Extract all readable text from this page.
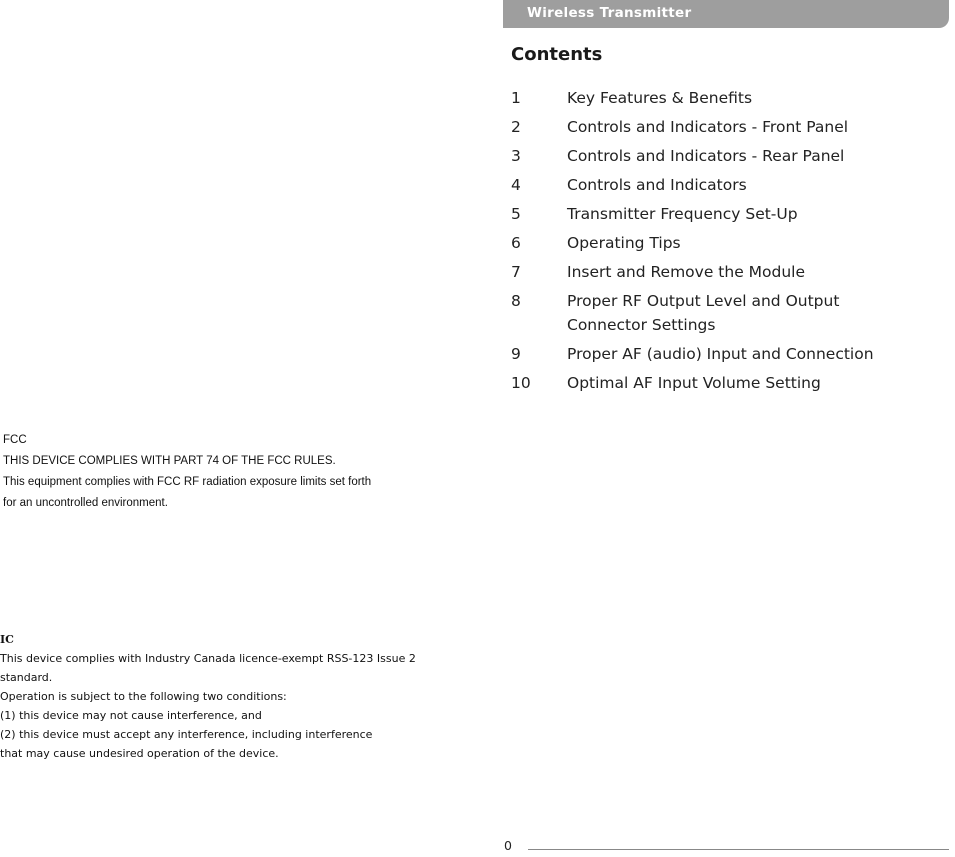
Wireless Transmitter
Contents
1	Key Features & Benefits
2	Controls and Indicators - Front Panel
3	Controls and Indicators - Rear Panel
4	Controls and Indicators
5	Transmitter Frequency Set-Up
6	Operating Tips
7	Insert and Remove the Module
8	Proper RF Output Level and Output Connector Settings
9	Proper AF (audio) Input and Connection
10	Optimal AF Input Volume Setting
FCC
THIS DEVICE COMPLIES WITH PART 74 OF THE FCC RULES.
This equipment complies with FCC RF radiation exposure limits set forth
for an uncontrolled environment.
IC
This device complies with Industry Canada licence-exempt RSS-123 Issue 2
standard.
Operation is subject to the following two conditions:
(1) this device may not cause interference, and
(2) this device must accept any interference, including interference
that may cause undesired operation of the device.
0
